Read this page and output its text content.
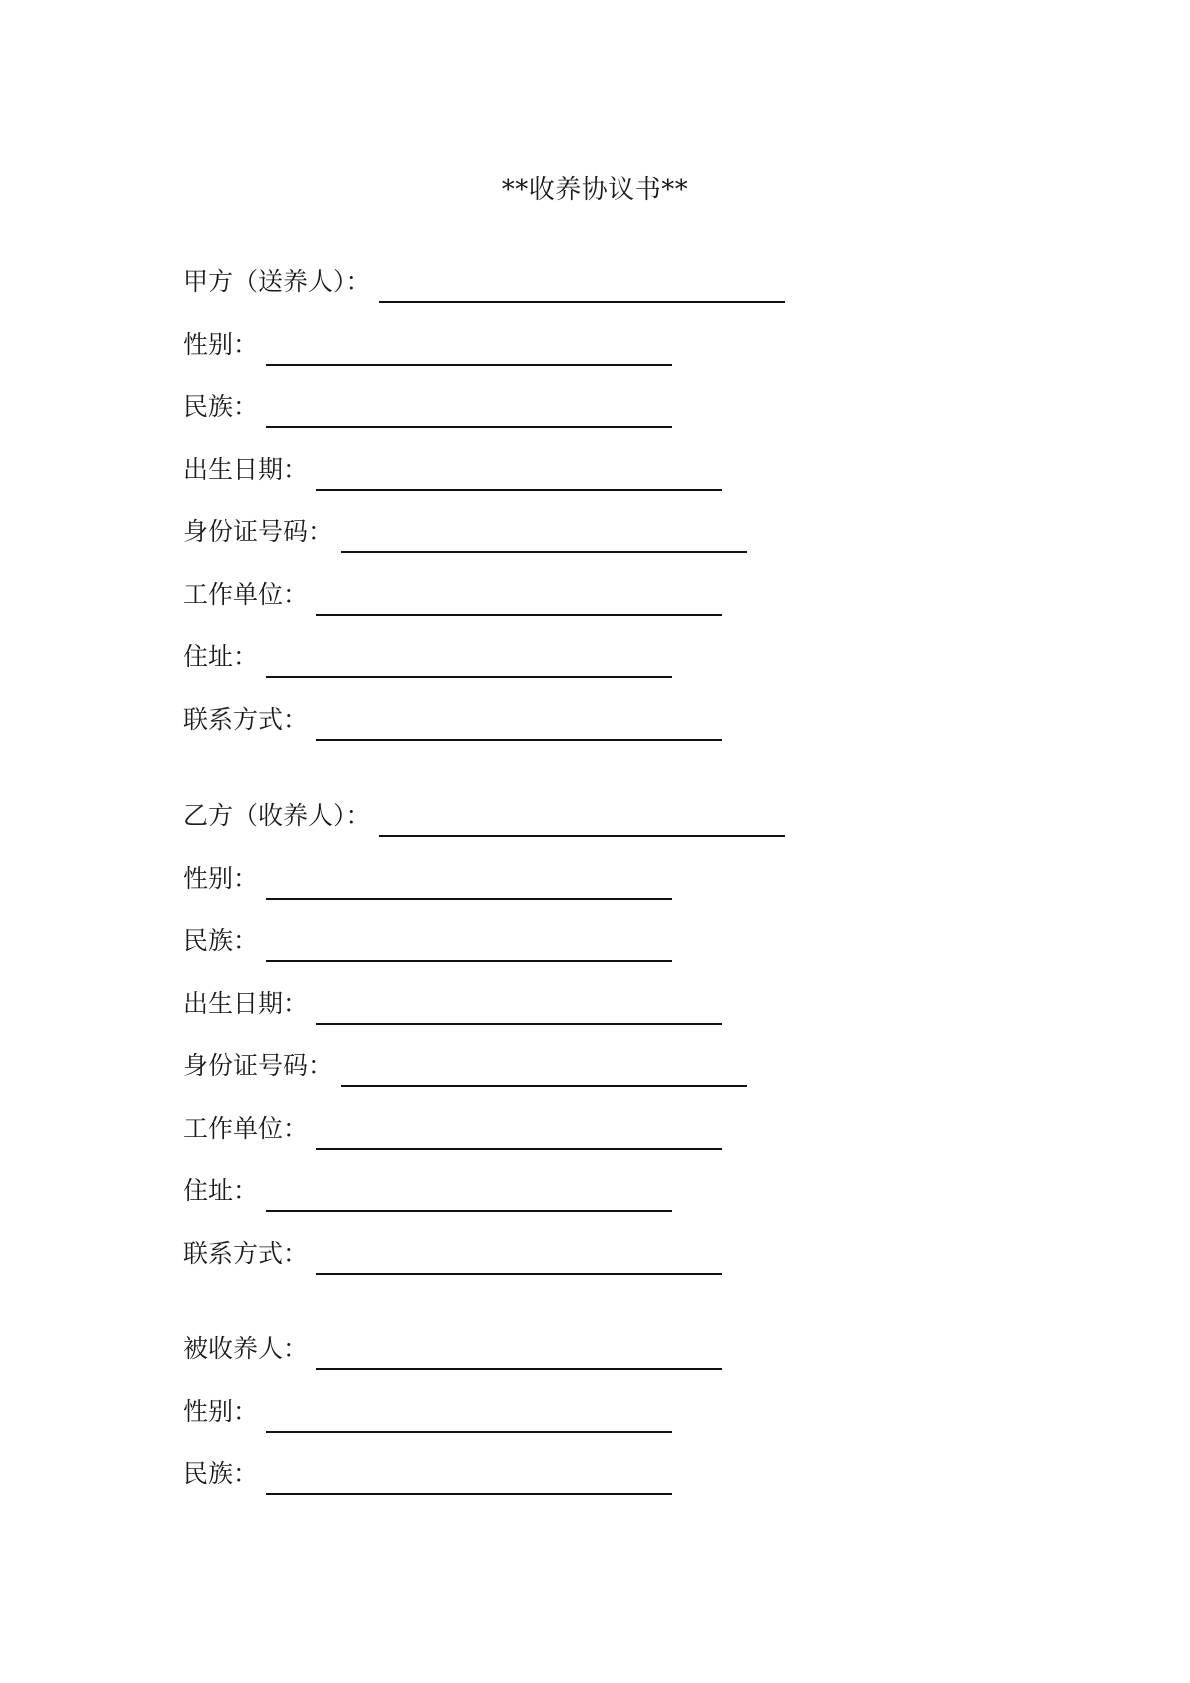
**收养协议书**
甲方（送养人）：
性别：
民族：
出生日期：
身份证号码：
工作单位：
住址：
联系方式：
乙方（收养人）：
性别：
民族：
出生日期：
身份证号码：
工作单位：
住址：
联系方式：
被收养人：
性别：
民族：
